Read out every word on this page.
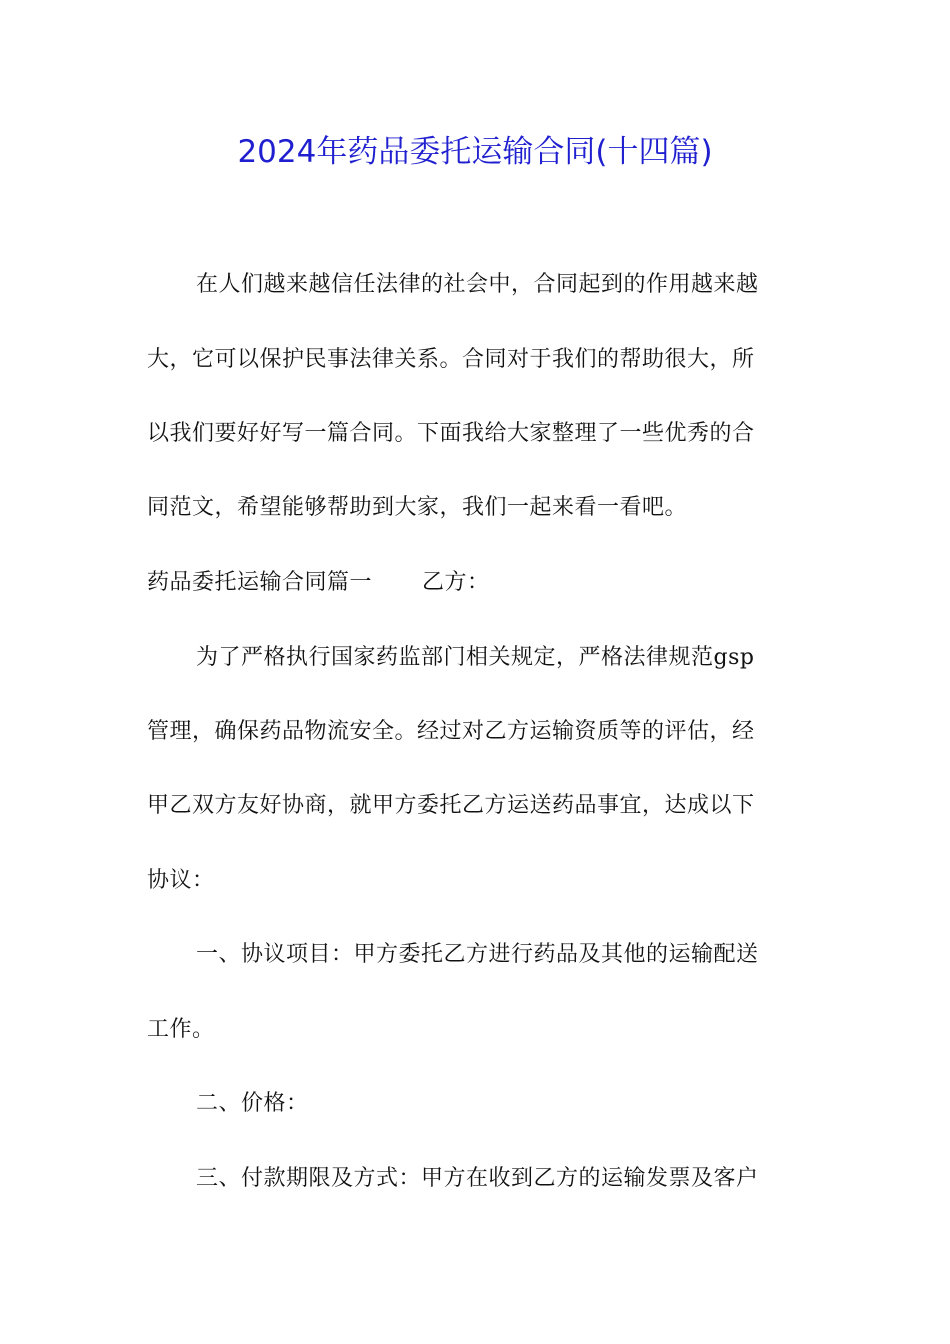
2024年药品委托运输合同(十四篇)

在人们越来越信任法律的社会中，合同起到的作用越来越

大，它可以保护民事法律关系。合同对于我们的帮助很大，所

以我们要好好写一篇合同。下面我给大家整理了一些优秀的合

同范文，希望能够帮助到大家，我们一起来看一看吧。

药品委托运输合同篇一 乙方：

为了严格执行国家药监部门相关规定，严格法律规范gsp

管理，确保药品物流安全。经过对乙方运输资质等的评估，经

甲乙双方友好协商，就甲方委托乙方运送药品事宜，达成以下

协议：

一、协议项目：甲方委托乙方进行药品及其他的运输配送

工作。

二、价格：

三、付款期限及方式：甲方在收到乙方的运输发票及客户
